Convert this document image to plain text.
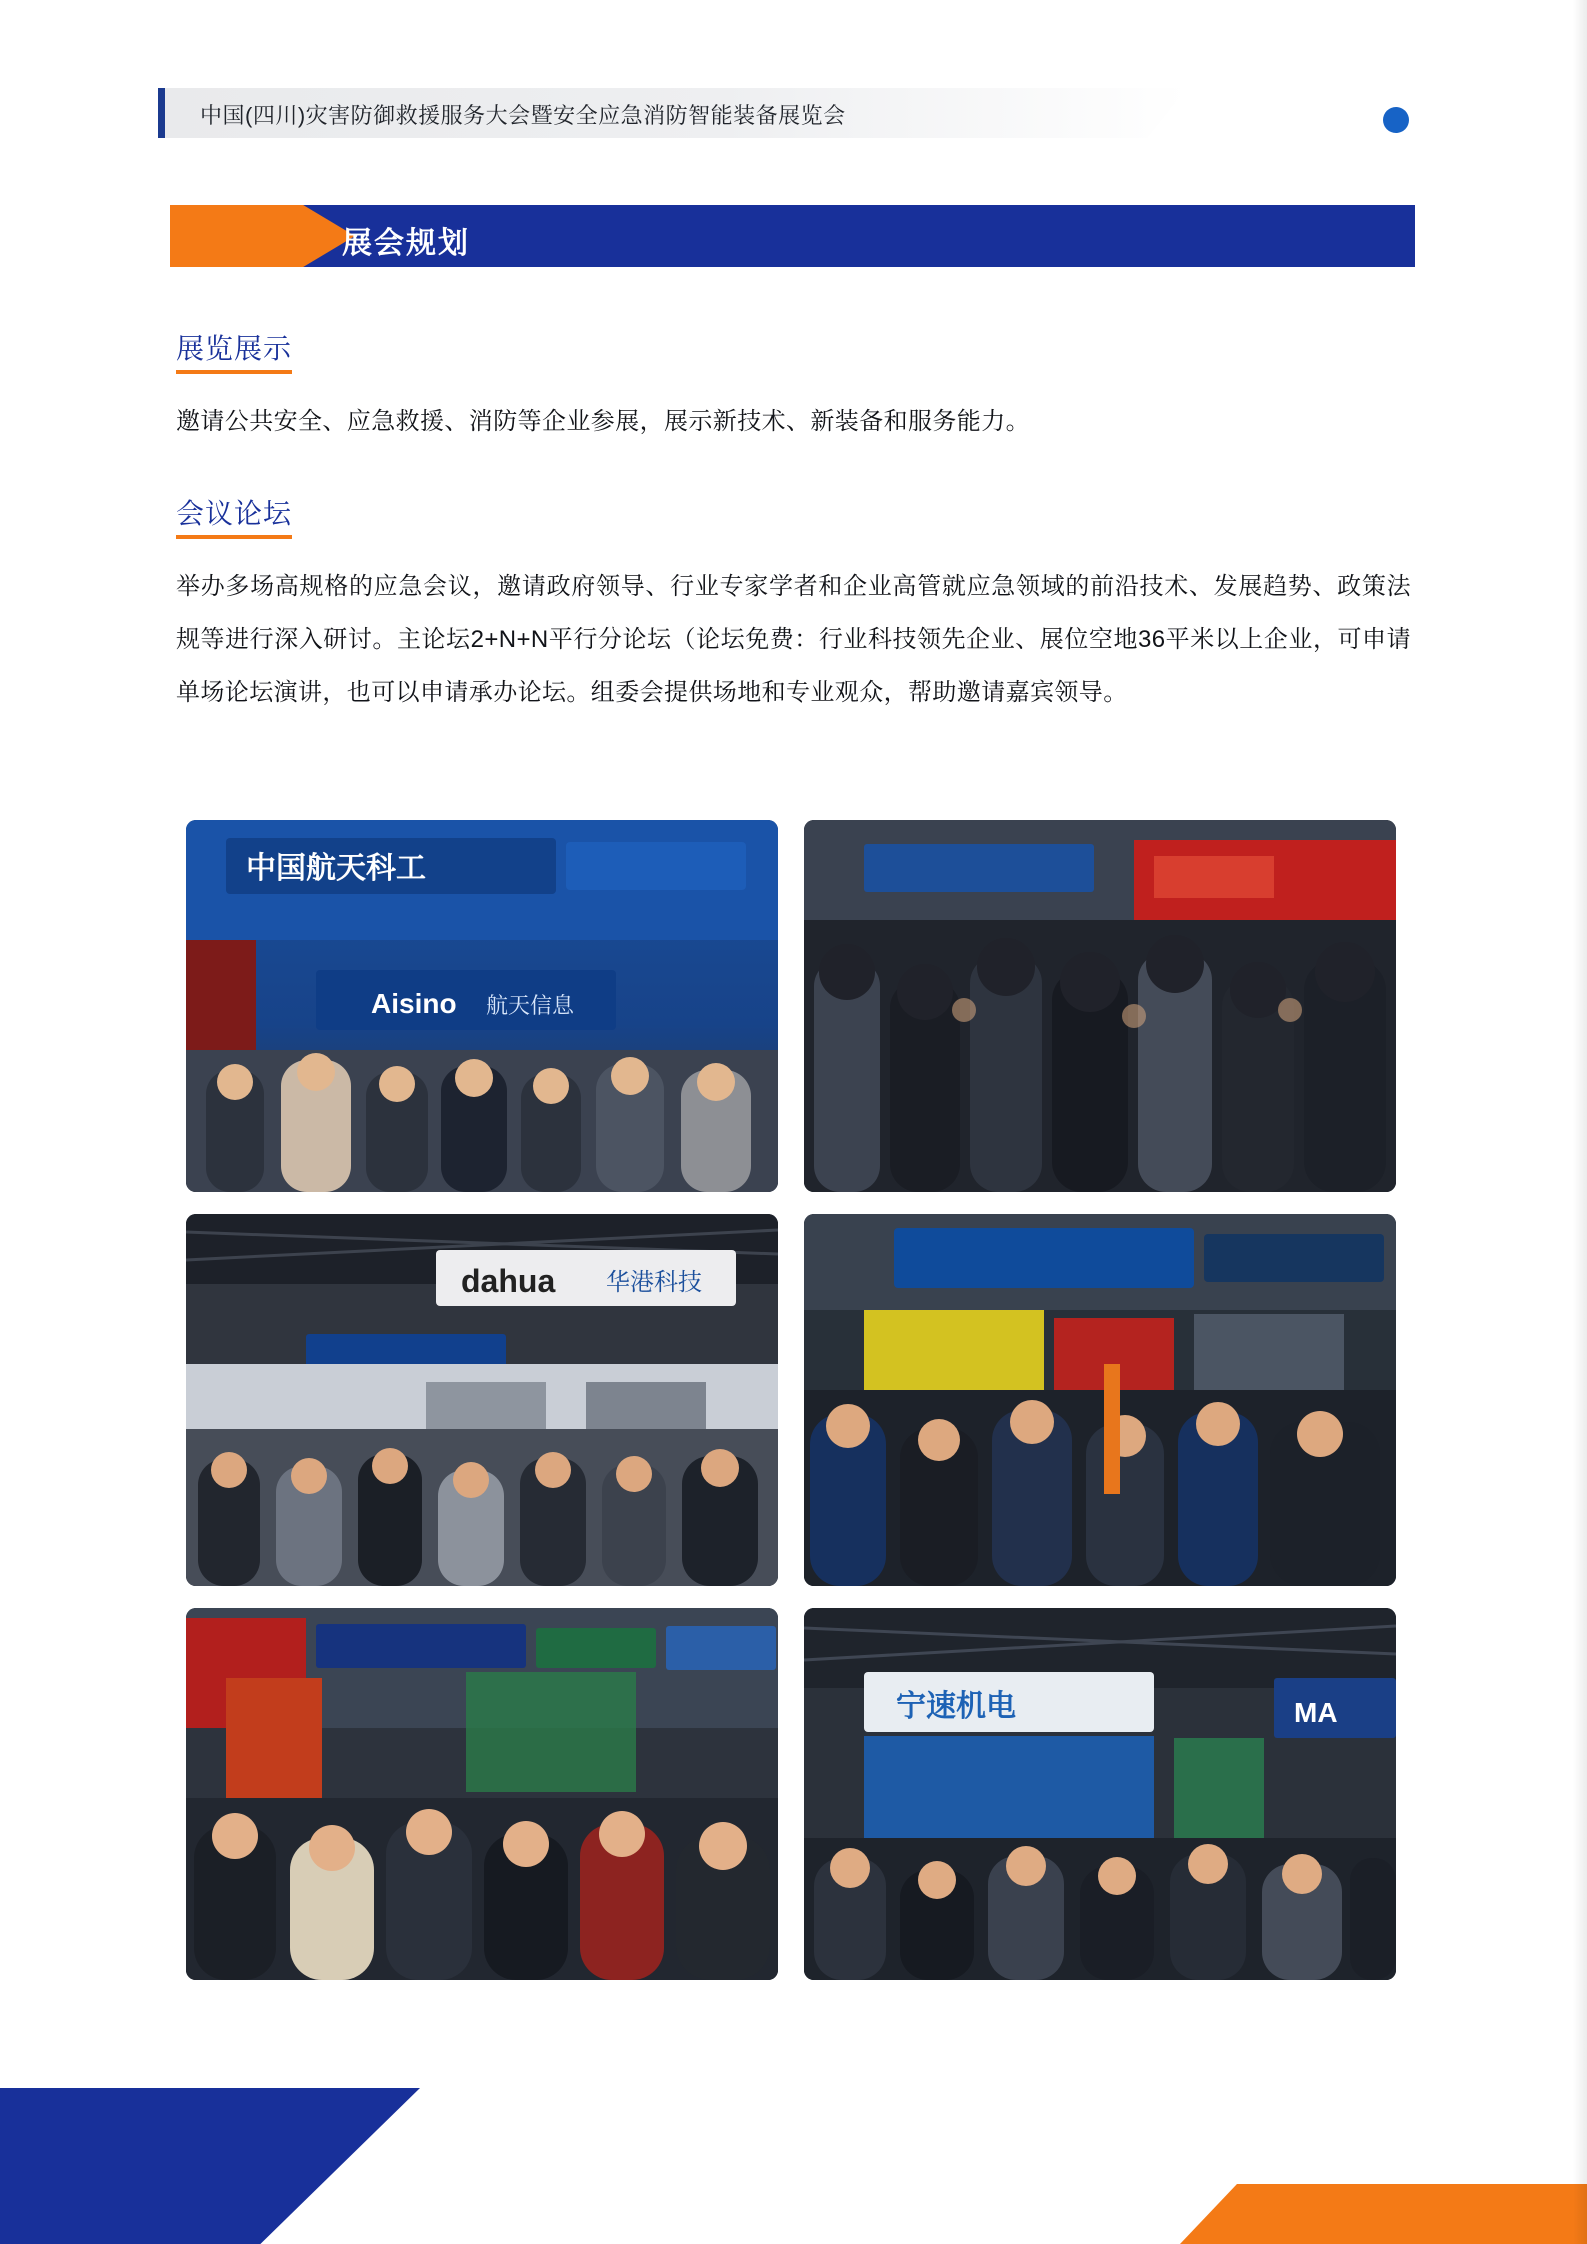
中国(四川)灾害防御救援服务大会暨安全应急消防智能装备展览会
展会规划
展览展示
邀请公共安全、应急救援、消防等企业参展，展示新技术、新装备和服务能力。
会议论坛
举办多场高规格的应急会议，邀请政府领导、行业专家学者和企业高管就应急领域的前沿技术、发展趋势、政策法规等进行深入研讨。主论坛2+N+N平行分论坛（论坛免费：行业科技领先企业、展位空地36平米以上企业，可申请单场论坛演讲，也可以申请承办论坛。组委会提供场地和专业观众，帮助邀请嘉宾领导。
中国航天科工
Aisino 航天信息
dahua 华港科技
宁速机电	MA
